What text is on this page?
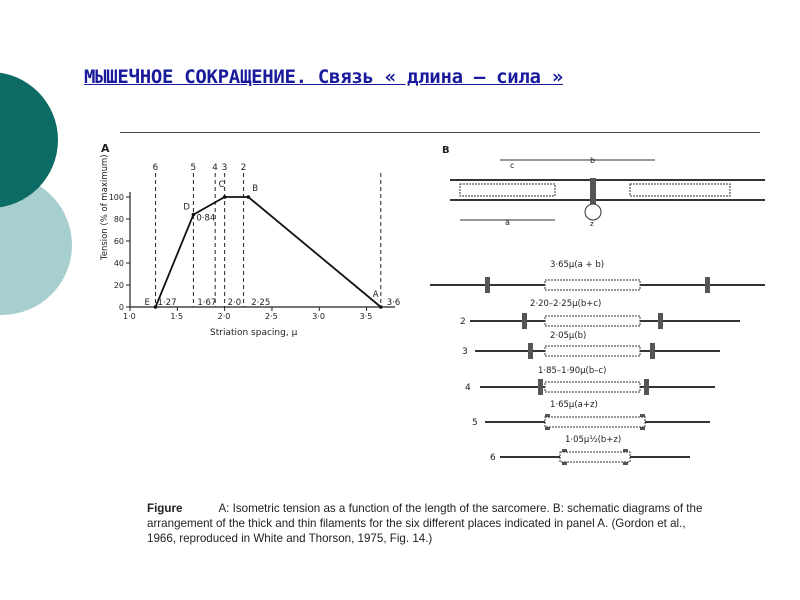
МЫШЕЧНОЕ СОКРАЩЕНИЕ. Связь « длина – сила »
A
1·0	1·5	2·0	2·5	3·0	3·5
0
20
40
60
80
100
6	5 4 3 2
E
D
C	B
A
1·27
0·84
1·67 2·0 2·25	3·6
Tension (% of maximum)
Striation spacing, μ
B
c
b
a	z
3·65μ(a + b)
2
2·20–2·25μ(b+c)
3
2·05μ(b)
4
1·85–1·90μ(b–c)
5
1·65μ(a+z)
6
1·05μ½(b+z)
Figure	A: Isometric tension as a function of the length of the sarcomere. B: schematic diagrams of the arrangement of the thick and thin filaments for the six different places indicated in panel A. (Gordon et al., 1966, reproduced in White and Thorson, 1975, Fig. 14.)
